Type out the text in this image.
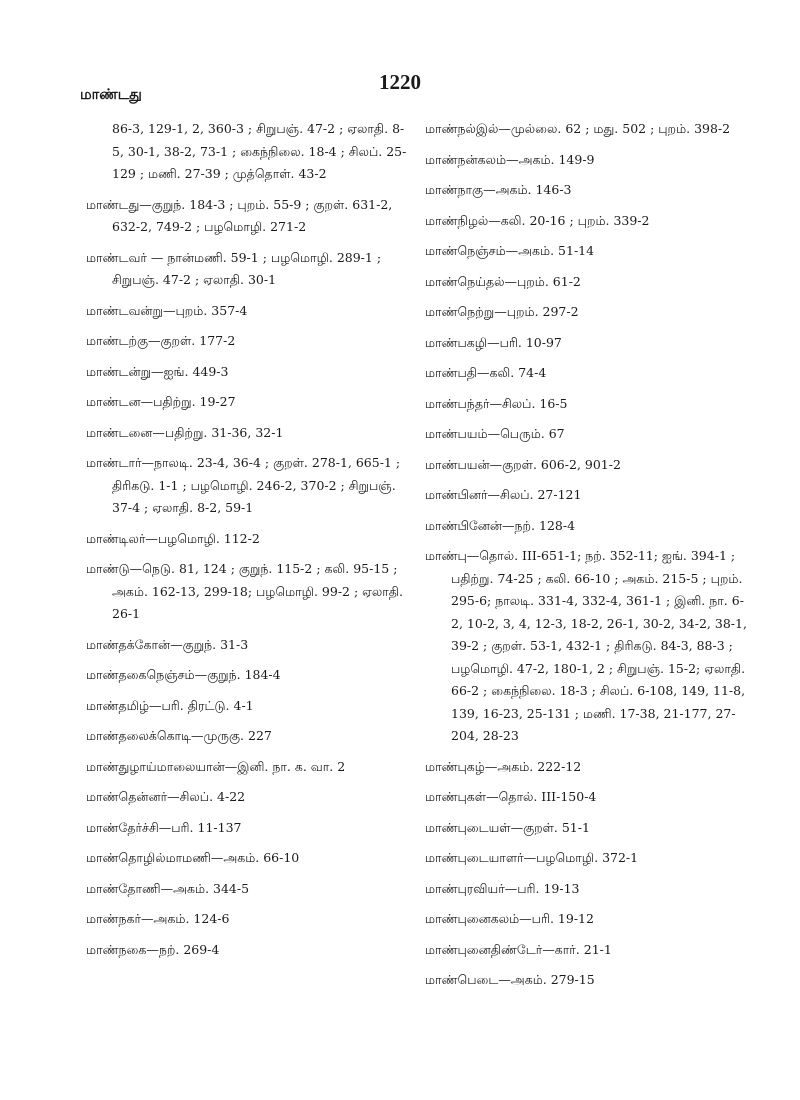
1220
மாண்டது

86-3, 129-1, 2, 360-3 ; சிறுபஞ். 47-2 ; ஏலாதி. 8-5, 30-1, 38-2, 73-1 ; கைந்நிலை. 18-4 ; சிலப். 25-129 ; மணி. 27-39 ; முத்தொள். 43-2

மாண்டது—குறுந். 184-3 ; புறம். 55-9 ; குறள். 631-2, 632-2, 749-2 ; பழமொழி. 271-2

மாண்டவர் — நான்மணி. 59-1 ; பழமொழி. 289-1 ; சிறுபஞ். 47-2 ; ஏலாதி. 30-1

மாண்டவன்று—புறம். 357-4

மாண்டற்கு—குறள். 177-2

மாண்டன்று—ஐங். 449-3

மாண்டன—பதிற்று. 19-27

மாண்டனை—பதிற்று. 31-36, 32-1

மாண்டார்—நாலடி. 23-4, 36-4 ; குறள். 278-1, 665-1 ; திரிகடு. 1-1 ; பழமொழி. 246-2, 370-2 ; சிறுபஞ். 37-4 ; ஏலாதி. 8-2, 59-1

மாண்டிலர்—பழமொழி. 112-2

மாண்டு—நெடு. 81, 124 ; குறுந். 115-2 ; கலி. 95-15 ; அகம். 162-13, 299-18; பழமொழி. 99-2 ; ஏலாதி. 26-1

மாண்தக்கோன்—குறுந். 31-3

மாண்தகைநெஞ்சம்—குறுந். 184-4

மாண்தமிழ்—பரி. திரட்டு. 4-1

மாண்தலைக்கொடி—முருகு. 227

மாண்துழாய்மாலையான்—இனி. நா. க. வா. 2

மாண்தென்னர்—சிலப். 4-22

மாண்தேர்ச்சி—பரி. 11-137

மாண்தொழில்மாமணி—அகம். 66-10

மாண்தோணி—அகம். 344-5

மாண்நகர்—அகம். 124-6

மாண்நகை—நற். 269-4

மாண்நல்இல்—முல்லை. 62 ; மது. 502 ; புறம். 398-2

மாண்நன்கலம்—அகம். 149-9

மாண்நாகு—அகம். 146-3

மாண்நிழல்—கலி. 20-16 ; புறம். 339-2

மாண்நெஞ்சம்—அகம். 51-14

மாண்நெய்தல்—புறம். 61-2

மாண்நெற்று—புறம். 297-2

மாண்பகழி—பரி. 10-97

மாண்பதி—கலி. 74-4

மாண்பந்தர்—சிலப். 16-5

மாண்பயம்—பெரும். 67

மாண்பயன்—குறள். 606-2, 901-2

மாண்பினர்—சிலப். 27-121

மாண்பினேன்—நற். 128-4

மாண்பு—தொல். III-651-1; நற். 352-11; ஐங். 394-1 ; பதிற்று. 74-25 ; கலி. 66-10 ; அகம். 215-5 ; புறம். 295-6; நாலடி. 331-4, 332-4, 361-1 ; இனி. நா. 6-2, 10-2, 3, 4, 12-3, 18-2, 26-1, 30-2, 34-2, 38-1, 39-2 ; குறள். 53-1, 432-1 ; திரிகடு. 84-3, 88-3 ; பழமொழி. 47-2, 180-1, 2 ; சிறுபஞ். 15-2; ஏலாதி. 66-2 ; கைந்நிலை. 18-3 ; சிலப். 6-108, 149, 11-8, 139, 16-23, 25-131 ; மணி. 17-38, 21-177, 27-204, 28-23

மாண்புகழ்—அகம். 222-12

மாண்புகள்—தொல். III-150-4

மாண்புடையள்—குறள். 51-1

மாண்புடையாளர்—பழமொழி. 372-1

மாண்புரவியர்—பரி. 19-13

மாண்புனைகலம்—பரி. 19-12

மாண்புனைதிண்டேர்—கார். 21-1

மாண்பெடை—அகம். 279-15
